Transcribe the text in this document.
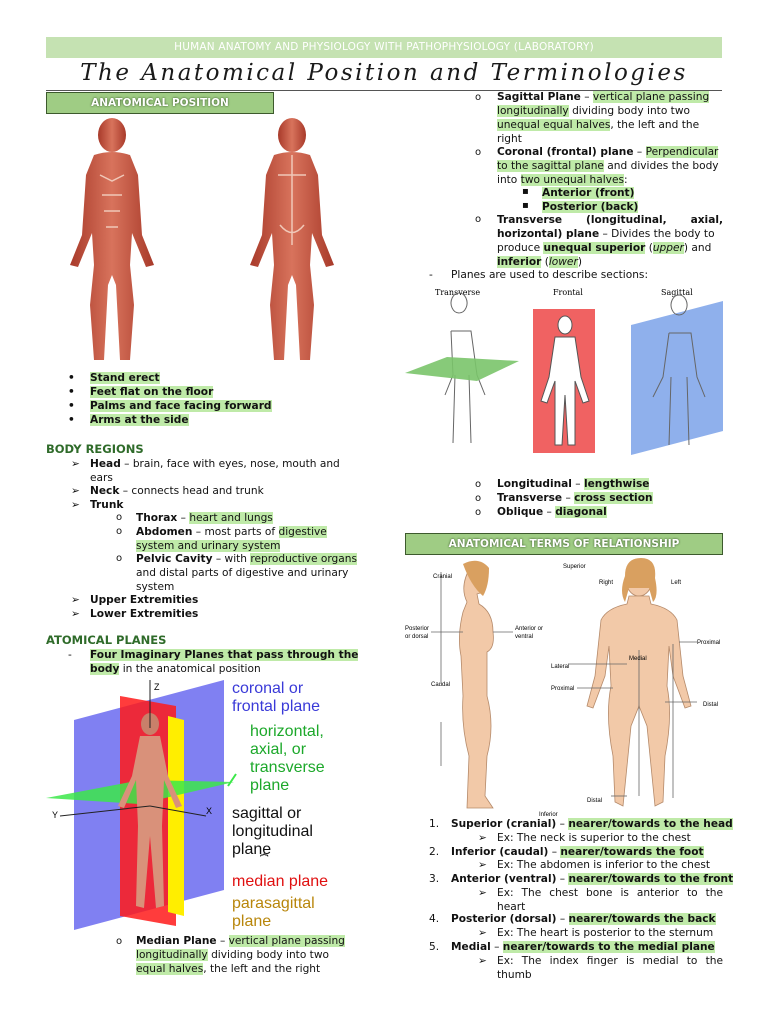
HUMAN ANATOMY AND PHYSIOLOGY WITH PATHOPHYSIOLOGY (LABORATORY)
The Anatomical Position and Terminologies
ANATOMICAL POSITION
• Stand erect
• Feet flat on the floor
• Palms and face facing forward
• Arms at the side
BODY REGIONS
➢ Head – brain, face with eyes, nose, mouth and
ears
➢ Neck – connects head and trunk
➢ Trunk
o Thorax – heart and lungs
o Abdomen – most parts of digestive
system and urinary system
o Pelvic Cavity – with reproductive organs
and distal parts of digestive and urinary
system
➢ Upper Extremities
➢ Lower Extremities
ATOMICAL PLANES
- Four Imaginary Planes that pass through the
body in the anatomical position
Z
X
Y
coronal or
frontal plane
horizontal,
axial, or
transverse
plane
sagittal or
longitudinal
plane
⏞
median plane
parasagittal
plane
o Median Plane – vertical plane passing
longitudinally dividing body into two
equal halves, the left and the right
o Sagittal Plane – vertical plane passing
longitudinally dividing body into two
unequal equal halves, the left and the
right
o Coronal (frontal) plane – Perpendicular
to the sagittal plane and divides the body
into two unequal halves:
▪ Anterior (front)
▪ Posterior (back)
o Transverse (longitudinal, axial,
horizontal) plane – Divides the body to
produce unequal superior (upper) and
inferior (lower)
- Planes are used to describe sections:
Transverse	Frontal	Sagittal
o Longitudinal – lengthwise
o Transverse – cross section
o Oblique – diagonal
ANATOMICAL TERMS OF RELATIONSHIP
Superior
Cranial
Right	Left
Posterior
or dorsal
Anterior or
ventral
Proximal
Medial
Lateral
Proximal
Caudal
Distal
Distal
Inferior
1. Superior (cranial) – nearer/towards to the head
➢ Ex: The neck is superior to the chest
2. Inferior (caudal) – nearer/towards the foot
➢ Ex: The abdomen is inferior to the chest
3. Anterior (ventral) – nearer/towards to the front
➢ Ex: The chest bone is anterior to the
heart
4. Posterior (dorsal) – nearer/towards the back
➢ Ex: The heart is posterior to the sternum
5. Medial – nearer/towards to the medial plane
➢ Ex: The index finger is medial to the
thumb
